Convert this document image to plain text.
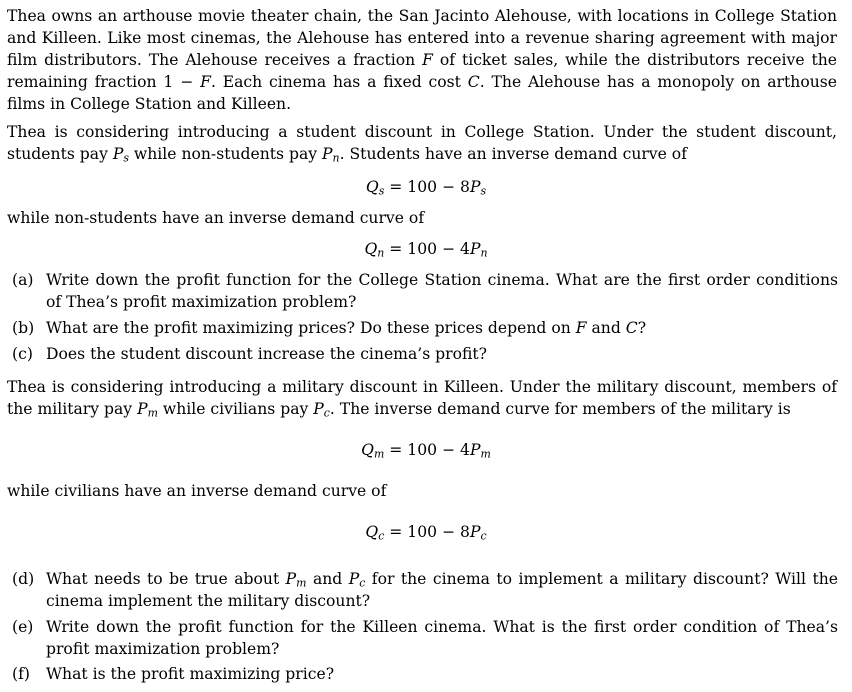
Thea owns an arthouse movie theater chain, the San Jacinto Alehouse, with locations in College Station and Killeen. Like most cinemas, the Alehouse has entered into a revenue sharing agreement with major film distributors. The Alehouse receives a fraction F of ticket sales, while the distributors receive the remaining fraction 1 − F. Each cinema has a fixed cost C. The Alehouse has a monopoly on arthouse films in College Station and Killeen.

Thea is considering introducing a student discount in College Station. Under the student discount, students pay $P_s$ while non-students pay $P_n$. Students have an inverse demand curve of

$Q_s = 100 - 8P_s$

while non-students have an inverse demand curve of

$Q_n = 100 - 4P_n$

(a) Write down the profit function for the College Station cinema. What are the first order conditions of Thea’s profit maximization problem?
(b) What are the profit maximizing prices? Do these prices depend on F and C?
(c) Does the student discount increase the cinema’s profit?

Thea is considering introducing a military discount in Killeen. Under the military discount, members of the military pay $P_m$ while civilians pay $P_c$. The inverse demand curve for members of the military is

$Q_m = 100 - 4P_m$

while civilians have an inverse demand curve of

$Q_c = 100 - 8P_c$

(d) What needs to be true about $P_m$ and $P_c$ for the cinema to implement a military discount? Will the cinema implement the military discount?
(e) Write down the profit function for the Killeen cinema. What is the first order condition of Thea’s profit maximization problem?
(f)	What is the profit maximizing price?
